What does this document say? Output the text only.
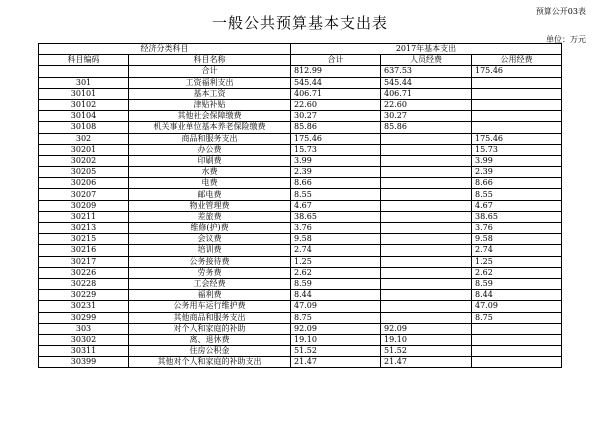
预算公开03表
一般公共预算基本支出表
单位：万元
经济分类科目		2017年基本支出		
科目编码	科目名称	合计	人员经费	公用经费
	合计	812.99	637.53	175.46
301	工资福利支出	545.44	545.44	
30101	基本工资	406.71	406.71	
30102	津贴补贴	22.60	22.60	
30104	其他社会保障缴费	30.27	30.27	
30108	机关事业单位基本养老保险缴费	85.86	85.86	
302	商品和服务支出	175.46		175.46
30201	办公费	15.73		15.73
30202	印刷费	3.99		3.99
30205	水费	2.39		2.39
30206	电费	8.66		8.66
30207	邮电费	8.55		8.55
30209	物业管理费	4.67		4.67
30211	差旅费	38.65		38.65
30213	维修(护)费	3.76		3.76
30215	会议费	9.58		9.58
30216	培训费	2.74		2.74
30217	公务接待费	1.25		1.25
30226	劳务费	2.62		2.62
30228	工会经费	8.59		8.59
30229	福利费	8.44		8.44
30231	公务用车运行维护费	47.09		47.09
30299	其他商品和服务支出	8.75		8.75
303	对个人和家庭的补助	92.09	92.09	
30302	离、退休费	19.10	19.10	
30311	住房公积金	51.52	51.52	
30399	其他对个人和家庭的补助支出	21.47	21.47	
